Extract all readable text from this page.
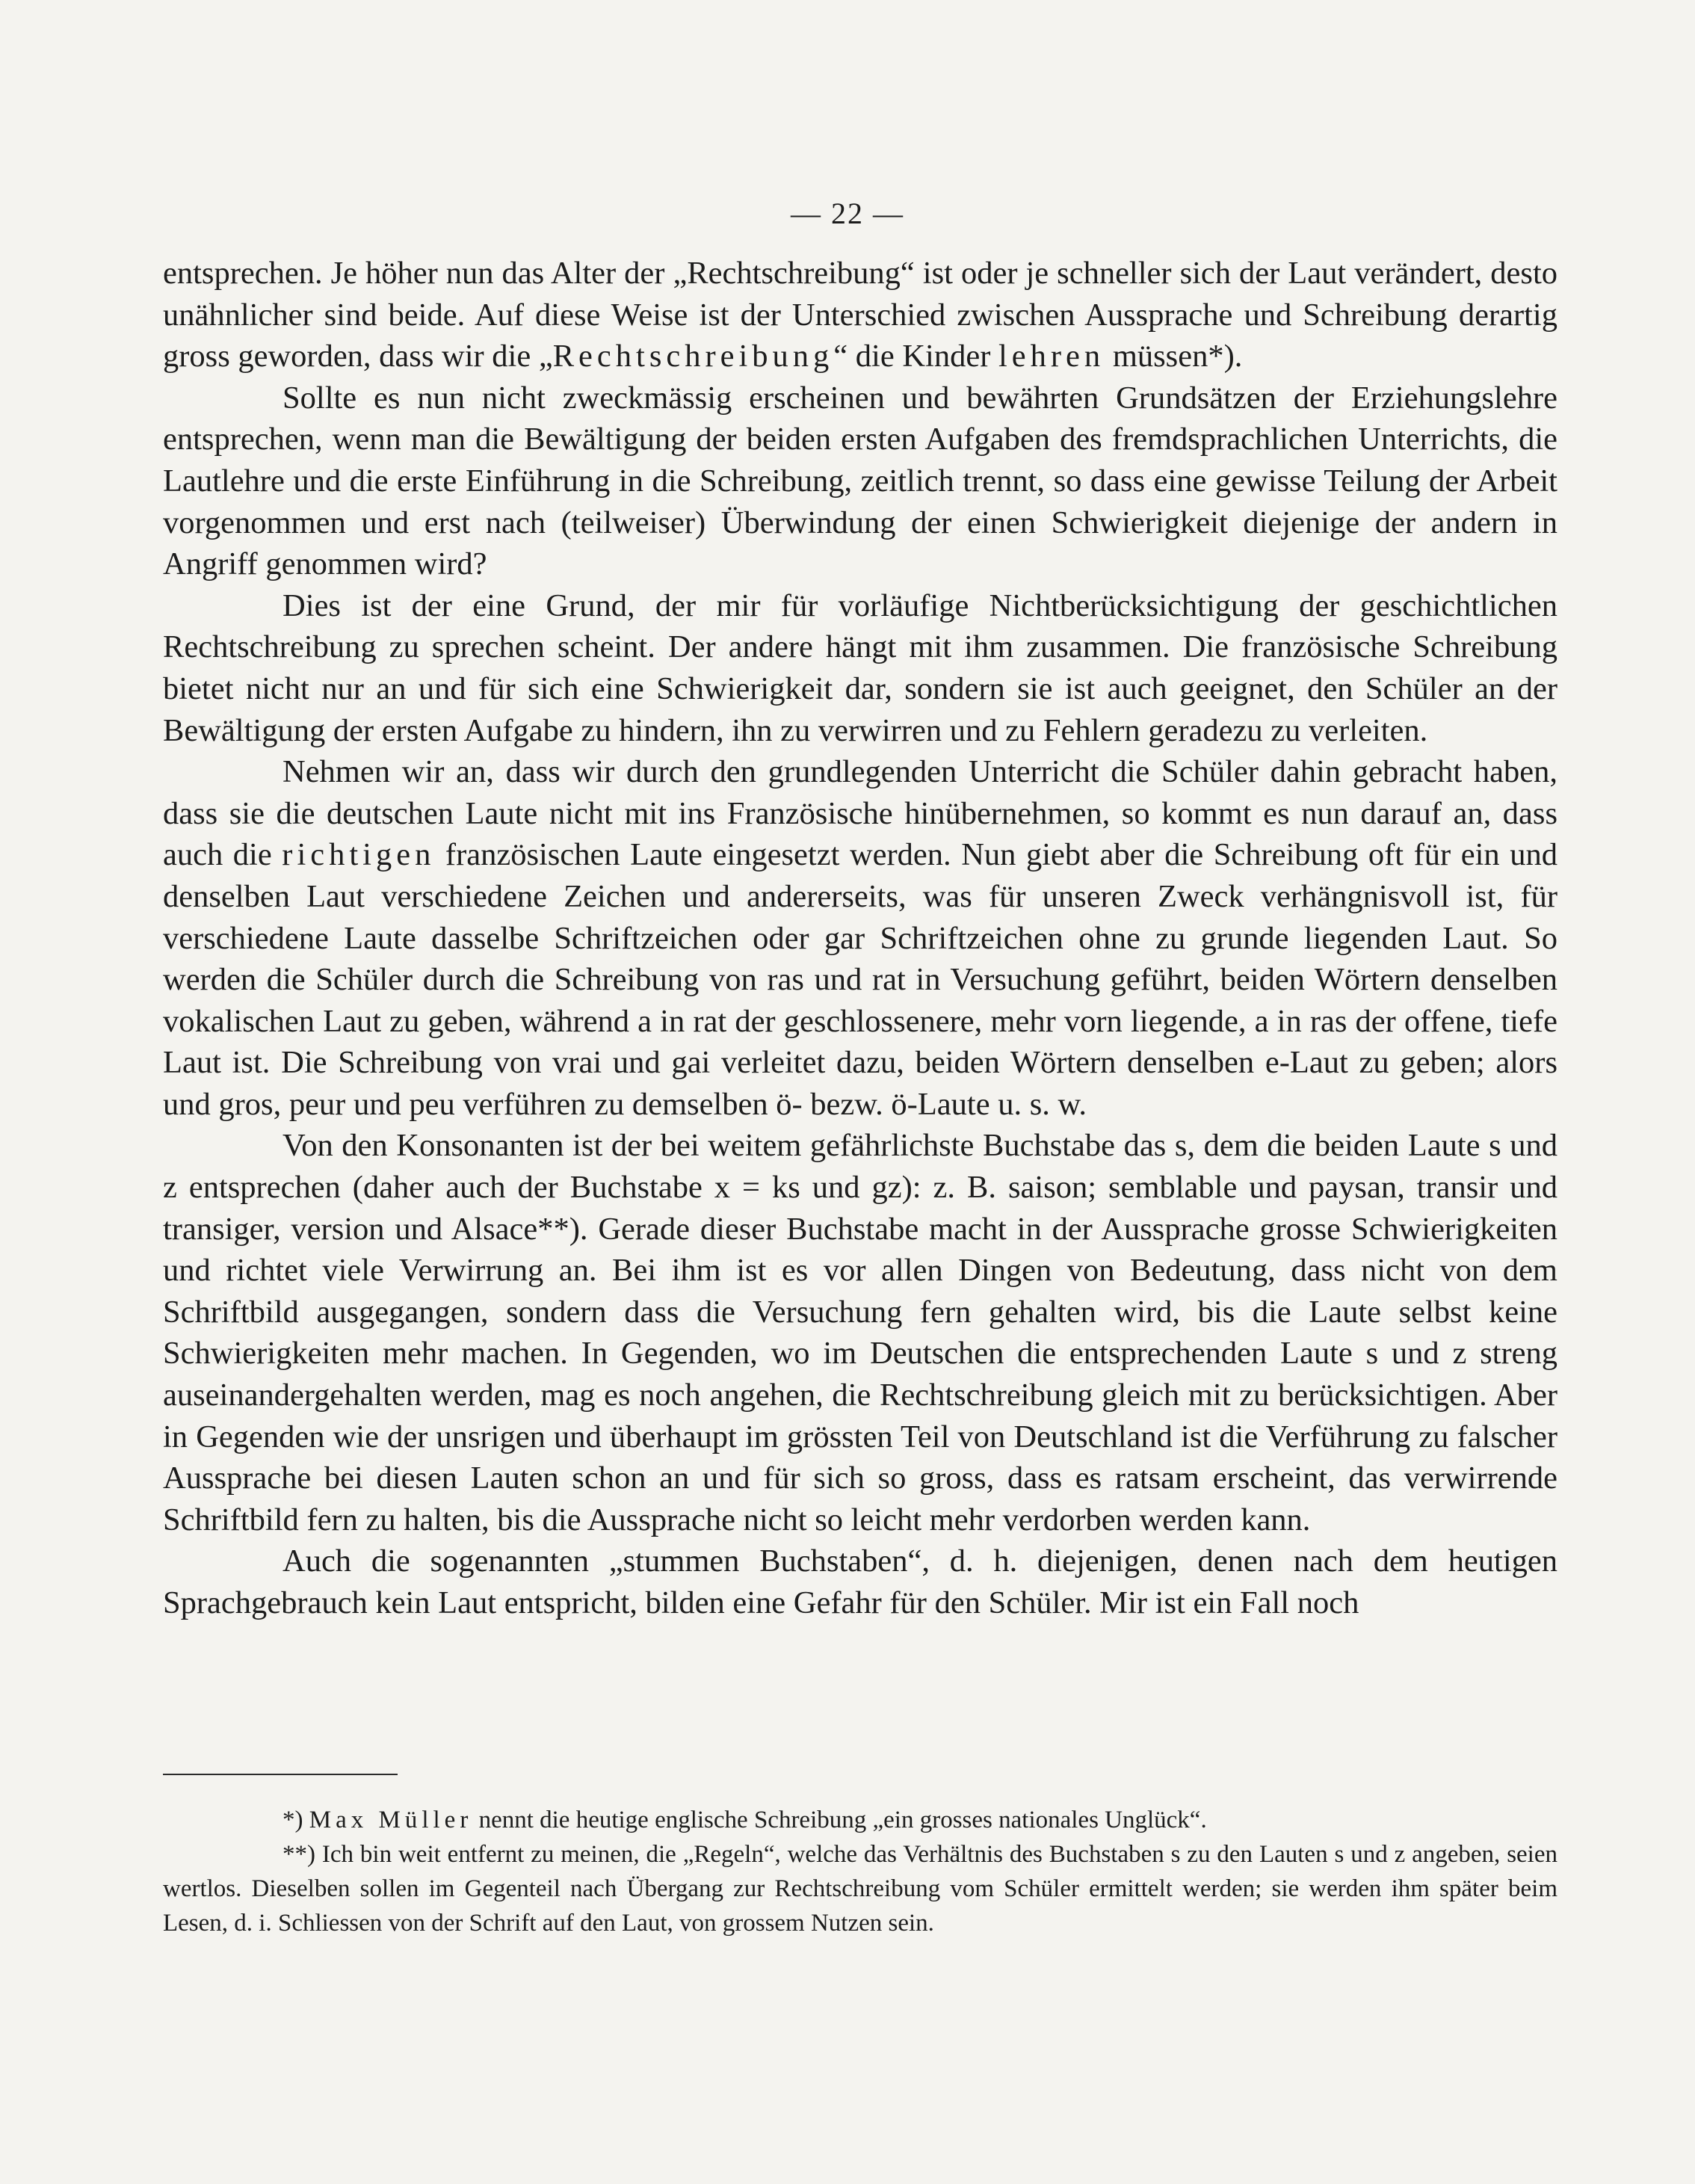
— 22 —

entsprechen. Je höher nun das Alter der „Rechtschreibung“ ist oder je schneller sich der Laut verändert, desto unähnlicher sind beide. Auf diese Weise ist der Unterschied zwischen Aussprache und Schreibung derartig gross geworden, dass wir die „Rechtschreibung“ die Kinder lehren müssen*).

Sollte es nun nicht zweckmässig erscheinen und bewährten Grundsätzen der Erziehungslehre entsprechen, wenn man die Bewältigung der beiden ersten Aufgaben des fremdsprachlichen Unterrichts, die Lautlehre und die erste Einführung in die Schreibung, zeitlich trennt, so dass eine gewisse Teilung der Arbeit vorgenommen und erst nach (teilweiser) Überwindung der einen Schwierigkeit diejenige der andern in Angriff genommen wird?

Dies ist der eine Grund, der mir für vorläufige Nichtberücksichtigung der geschichtlichen Rechtschreibung zu sprechen scheint. Der andere hängt mit ihm zusammen. Die französische Schreibung bietet nicht nur an und für sich eine Schwierigkeit dar, sondern sie ist auch geeignet, den Schüler an der Bewältigung der ersten Aufgabe zu hindern, ihn zu verwirren und zu Fehlern geradezu zu verleiten.

Nehmen wir an, dass wir durch den grundlegenden Unterricht die Schüler dahin gebracht haben, dass sie die deutschen Laute nicht mit ins Französische hinübernehmen, so kommt es nun darauf an, dass auch die richtigen französischen Laute eingesetzt werden. Nun giebt aber die Schreibung oft für ein und denselben Laut verschiedene Zeichen und andererseits, was für unseren Zweck verhängnisvoll ist, für verschiedene Laute dasselbe Schriftzeichen oder gar Schriftzeichen ohne zu grunde liegenden Laut. So werden die Schüler durch die Schreibung von ras und rat in Versuchung geführt, beiden Wörtern denselben vokalischen Laut zu geben, während a in rat der geschlossenere, mehr vorn liegende, a in ras der offene, tiefe Laut ist. Die Schreibung von vrai und gai verleitet dazu, beiden Wörtern denselben e-Laut zu geben; alors und gros, peur und peu verführen zu demselben ö- bezw. ö-Laute u. s. w.

Von den Konsonanten ist der bei weitem gefährlichste Buchstabe das s, dem die beiden Laute s und z entsprechen (daher auch der Buchstabe x = ks und gz): z. B. saison; semblable und paysan, transir und transiger, version und Alsace**). Gerade dieser Buchstabe macht in der Aussprache grosse Schwierigkeiten und richtet viele Verwirrung an. Bei ihm ist es vor allen Dingen von Bedeutung, dass nicht von dem Schriftbild ausgegangen, sondern dass die Versuchung fern gehalten wird, bis die Laute selbst keine Schwierigkeiten mehr machen. In Gegenden, wo im Deutschen die entsprechenden Laute s und z streng auseinandergehalten werden, mag es noch angehen, die Rechtschreibung gleich mit zu berücksichtigen. Aber in Gegenden wie der unsrigen und überhaupt im grössten Teil von Deutschland ist die Verführung zu falscher Aussprache bei diesen Lauten schon an und für sich so gross, dass es ratsam erscheint, das verwirrende Schriftbild fern zu halten, bis die Aussprache nicht so leicht mehr verdorben werden kann.

Auch die sogenannten „stummen Buchstaben“, d. h. diejenigen, denen nach dem heutigen Sprachgebrauch kein Laut entspricht, bilden eine Gefahr für den Schüler. Mir ist ein Fall noch

*) Max Müller nennt die heutige englische Schreibung „ein grosses nationales Unglück“.

**) Ich bin weit entfernt zu meinen, die „Regeln“, welche das Verhältnis des Buchstaben s zu den Lauten s und z angeben, seien wertlos. Dieselben sollen im Gegenteil nach Übergang zur Rechtschreibung vom Schüler ermittelt werden; sie werden ihm später beim Lesen, d. i. Schliessen von der Schrift auf den Laut, von grossem Nutzen sein.
